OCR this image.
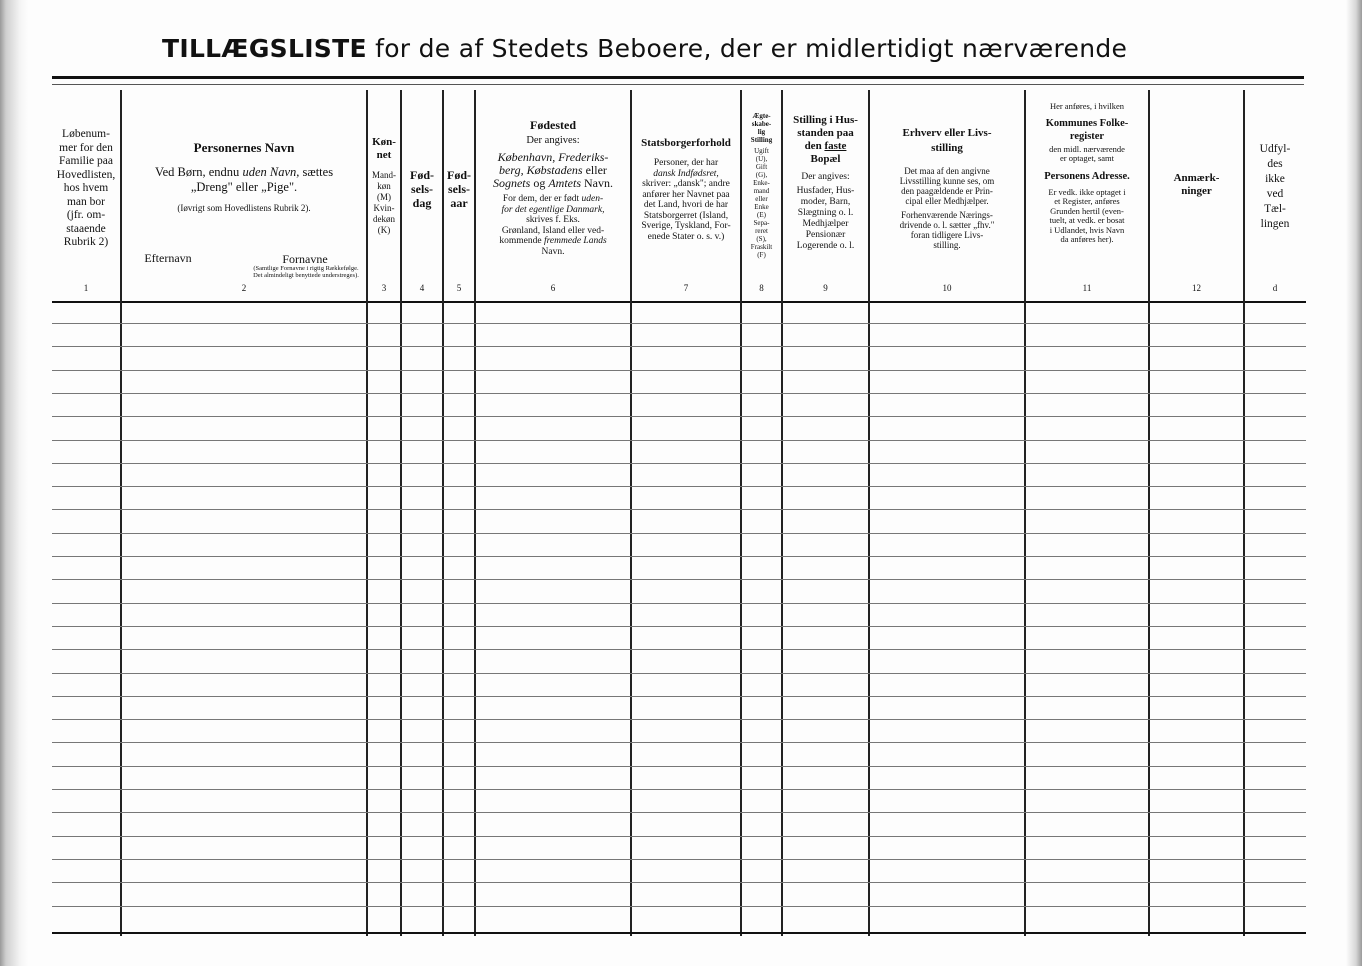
TILLÆGSLISTE for de af Stedets Beboere, der er midlertidigt nærværende
Løbenum-
mer for den
Familie paa
Hovedlisten,
hos hvem
man bor
(jfr. om-
staaende
Rubrik 2)
1
Personernes Navn
Ved Børn, endnu uden Navn, sættes
„Dreng" eller „Pige".
(Iøvrigt som Hovedlistens Rubrik 2).
Efternavn	Fornavne
(Samtlige Fornavne i rigtig Rækkefølge. Det almindeligt benyttede understreges).
2
Køn-
net
Mand-
køn
(M)
Kvin-
dekøn
(K)
3
Fød-
sels-
dag
4
Fød-
sels-
aar
5
Fødested
Der angives:
København, Frederiks-
berg, Købstadens eller
Sognets og Amtets Navn.
For dem, der er født uden-
for det egentlige Danmark,
skrives f. Eks.
Grønland, Island eller ved-
kommende fremmede Lands
Navn.
6
Statsborgerforhold
Personer, der har
dansk Indfødsret,
skriver: „dansk"; andre
anfører her Navnet paa
det Land, hvori de har
Statsborgerret (Island,
Sverige, Tyskland, For-
enede Stater o. s. v.)
7
Ægte-
skabe-
lig
Stilling
Ugift
(U),
Gift
(G),
Enke-
mand
eller
Enke
(E)
Sepa-
reret
(S),
Fraskilt
(F)
8
Stilling i Hus-
standen paa
den faste
Bopæl
Der angives:
Husfader, Hus-
moder, Barn,
Slægtning o. l.
Medhjælper
Pensionær
Logerende o. l.
9
Erhverv eller Livs-
stilling
Det maa af den angivne
Livsstilling kunne ses, om
den paagældende er Prin-
cipal eller Medhjælper.
Forhenværende Nærings-
drivende o. l. sætter „fhv."
foran tidligere Livs-
stilling.
10
Her anføres, i hvilken
Kommunes Folke-
register
den midl. nærværende
er optaget, samt
Personens Adresse.
Er vedk. ikke optaget i
et Register, anføres
Grunden hertil (even-
tuelt, at vedk. er bosat
i Udlandet, hvis Navn
da anføres her).
11
Anmærk-
ninger
12
Udfyl-
des
ikke
ved
Tæl-
lingen
d
